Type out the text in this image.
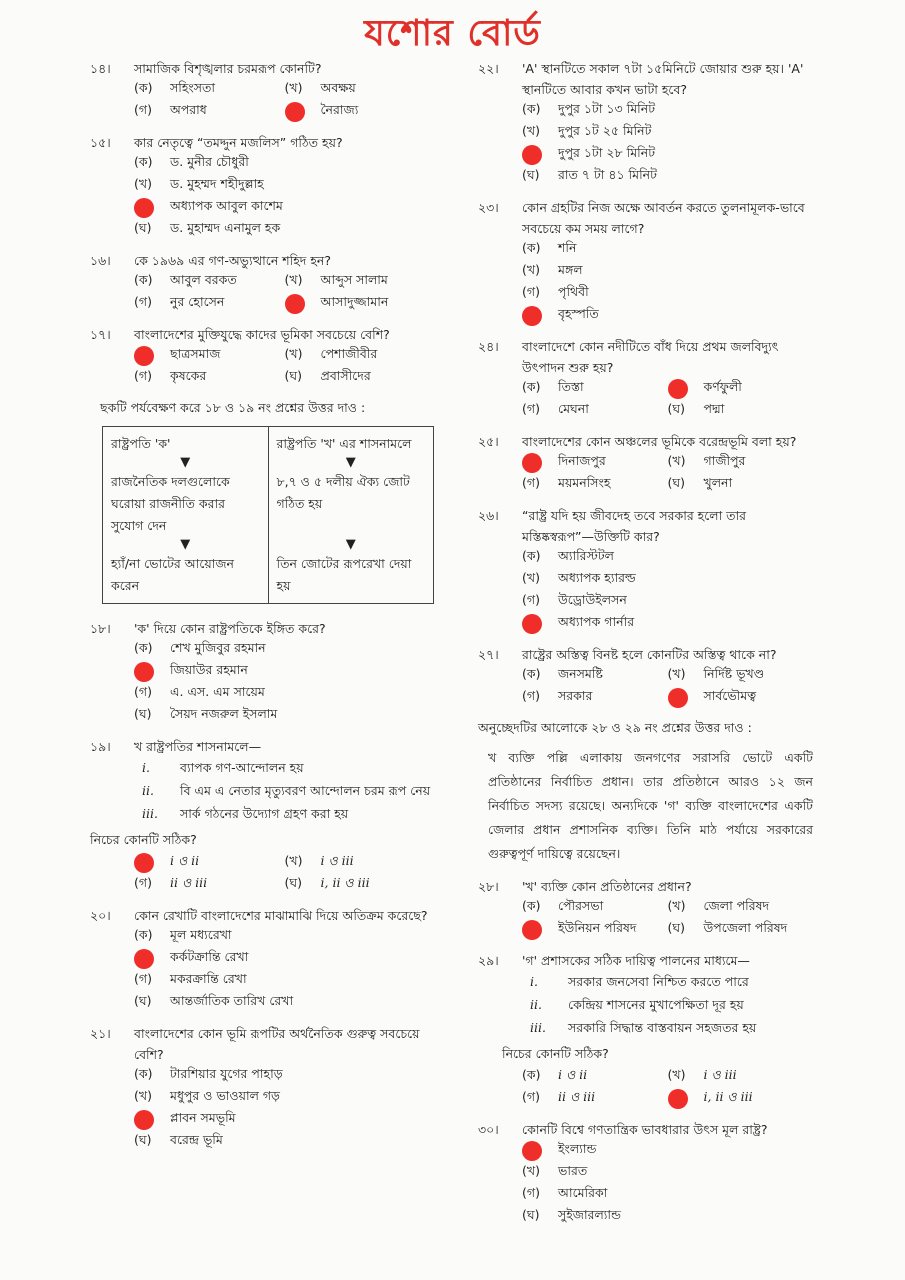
যশোর বোর্ড
১৪।	সামাজিক বিশৃঙ্খলার চরমরূপ কোনটি?
(ক)	সহিংসতা	(খ)	অবক্ষয়
(গ)	অপরাধ	নৈরাজ্য
১৫।	কার নেতৃত্বে “তমদ্দুন মজলিস” গঠিত হয়?
(ক)	ড. মুনীর চৌধুরী
(খ)	ড. মুহম্মদ শহীদুল্লাহ
অধ্যাপক আবুল কাশেম
(ঘ)	ড. মুহাম্মদ এনামুল হক
১৬।	কে ১৯৬৯ এর গণ-অভ্যুত্থানে শহিদ হন?
(ক)	আবুল বরকত	(খ)	আব্দুস সালাম
(গ)	নুর হোসেন	আসাদুজ্জামান
১৭।	বাংলাদেশের মুক্তিযুদ্ধে কাদের ভূমিকা সবচেয়ে বেশি?
ছাত্রসমাজ	(খ)	পেশাজীবীর
(গ)	কৃষকের	(ঘ)	প্রবাসীদের
ছকটি পর্যবেক্ষণ করে ১৮ ও ১৯ নং প্রশ্নের উত্তর দাও :
রাষ্ট্রপতি 'ক'
▼
রাজনৈতিক দলগুলোকে ঘরোয়া রাজনীতি করার সুযোগ দেন
▼
হ্যাঁ/না ভোটের আয়োজন করেন

রাষ্ট্রপতি 'খ' এর শাসনামলে
▼
৮,৭ ও ৫ দলীয় ঐক্য জোট গঠিত হয়
▼
তিন জোটের রূপরেখা দেয়া হয়
১৮।	'ক' দিয়ে কোন রাষ্ট্রপতিকে ইঙ্গিত করে?
(ক)	শেখ মুজিবুর রহমান
জিয়াউর রহমান
(গ)	এ. এস. এম সায়েম
(ঘ)	সৈয়দ নজরুল ইসলাম
১৯।	খ রাষ্ট্রপতির শাসনামলে—
i.	ব্যাপক গণ-আন্দোলন হয়
ii.	বি এম এ নেতার মৃত্যুবরণ আন্দোলন চরম রূপ নেয়
iii.	সার্ক গঠনের উদ্যোগ গ্রহণ করা হয়
নিচের কোনটি সঠিক?
i ও ii	(খ)	i ও iii
(গ)	ii ও iii	(ঘ)	i, ii ও iii
২০।	কোন রেখাটি বাংলাদেশের মাঝামাঝি দিয়ে অতিক্রম করেছে?
(ক)	মূল মধ্যরেখা
কর্কটক্রান্তি রেখা
(গ)	মকরক্রান্তি রেখা
(ঘ)	আন্তর্জাতিক তারিখ রেখা
২১।	বাংলাদেশের কোন ভূমি রূপটির অর্থনৈতিক গুরুত্ব সবচেয়ে বেশি?
(ক)	টারশিয়ার যুগের পাহাড়
(খ)	মধুপুর ও ভাওয়াল গড়
প্লাবন সমভূমি
(ঘ)	বরেন্দ্র ভূমি
২২।	'A' স্থানটিতে সকাল ৭টা ১৫মিনিটে জোয়ার শুরু হয়। 'A' স্থানটিতে আবার কখন ভাটা হবে?
(ক)	দুপুর ১টা ১৩ মিনিট
(খ)	দুপুর ১ট ২৫ মিনিট
দুপুর ১টা ২৮ মিনিট
(ঘ)	রাত ৭ টা ৪১ মিনিট
২৩।	কোন গ্রহটির নিজ অক্ষে আবর্তন করতে তুলনামূলক-ভাবে সবচেয়ে কম সময় লাগে?
(ক)	শনি
(খ)	মঙ্গল
(গ)	পৃথিবী
বৃহস্পতি
২৪।	বাংলাদেশে কোন নদীটিতে বাঁধ দিয়ে প্রথম জলবিদ্যুৎ উৎপাদন শুরু হয়?
(ক)	তিস্তা	কর্ণফুলী
(গ)	মেঘনা	(ঘ)	পদ্মা
২৫।	বাংলাদেশের কোন অঞ্চলের ভূমিকে বরেন্দ্রভূমি বলা হয়?
দিনাজপুর	(খ)	গাজীপুর
(গ)	ময়মনসিংহ	(ঘ)	খুলনা
২৬।	“রাষ্ট্র যদি হয় জীবদেহ তবে সরকার হলো তার মস্তিষ্কস্বরূপ”—উক্তিটি কার?
(ক)	অ্যারিস্টটল
(খ)	অধ্যাপক হ্যারল্ড
(গ)	উড্রোউইলসন
অধ্যাপক গার্নার
২৭।	রাষ্ট্রের অস্তিত্ব বিনষ্ট হলে কোনটির অস্তিত্ব থাকে না?
(ক)	জনসমষ্টি	(খ)	নির্দিষ্ট ভূখণ্ড
(গ)	সরকার	সার্বভৌমত্ব
অনুচ্ছেদটির আলোকে ২৮ ও ২৯ নং প্রশ্নের উত্তর দাও :
খ ব্যক্তি পল্লি এলাকায় জনগণের সরাসরি ভোটে একটি প্রতিষ্ঠানের নির্বাচিত প্রধান। তার প্রতিষ্ঠানে আরও ১২ জন নির্বাচিত সদস্য রয়েছে। অন্যদিকে 'গ' ব্যক্তি বাংলাদেশের একটি জেলার প্রধান প্রশাসনিক ব্যক্তি। তিনি মাঠ পর্যায়ে সরকারের গুরুত্বপূর্ণ দায়িত্বে রয়েছেন।
২৮।	'খ' ব্যক্তি কোন প্রতিষ্ঠানের প্রধান?
(ক)	পৌরসভা	(খ)	জেলা পরিষদ
ইউনিয়ন পরিষদ (ঘ)	উপজেলা পরিষদ
২৯।	'গ' প্রশাসকের সঠিক দায়িত্ব পালনের মাধ্যমে—
i.	সরকার জনসেবা নিশ্চিত করতে পারে
ii.	কেন্দ্রিয় শাসনের মুখাপেক্ষিতা দূর হয়
iii.	সরকারি সিদ্ধান্ত বাস্তবায়ন সহজতর হয়
নিচের কোনটি সঠিক?
(ক)	i ও ii	(খ)	i ও iii
(গ)	ii ও iii	i, ii ও iii
৩০।	কোনটি বিশ্বে গণতান্ত্রিক ভাবধারার উৎস মূল রাষ্ট্র?
ইংল্যান্ড
(খ)	ভারত
(গ)	আমেরিকা
(ঘ)	সুইজারল্যান্ড
